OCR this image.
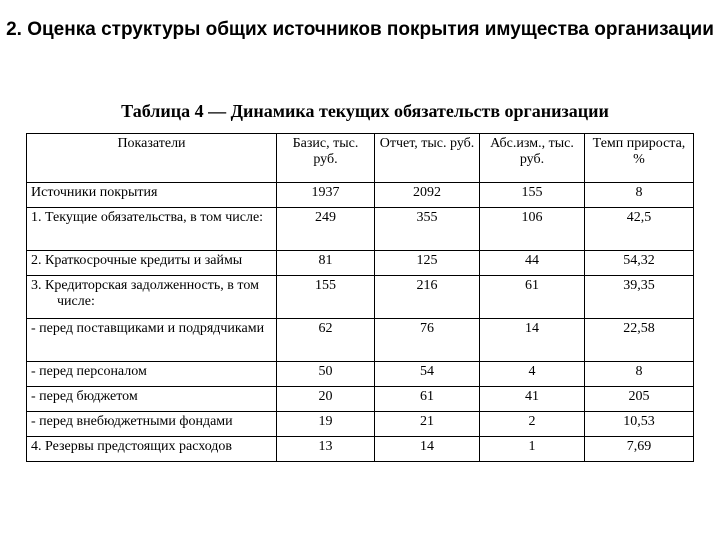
2. Оценка структуры общих источников покрытия имущества организации
Таблица 4 — Динамика текущих обязательств организации
Показатели	Базис, тыс. руб.	Отчет, тыс. руб.	Абс.изм., тыс. руб.	Темп прироста, %
Источники покрытия	1937	2092	155	8
1. Текущие обязательства, в том числе:	249	355	106	42,5
2. Краткосрочные кредиты и займы	81	125	44	54,32
3. Кредиторская задолженность, в том числе:	155	216	61	39,35
- перед поставщиками и подрядчиками	62	76	14	22,58
- перед персоналом	50	54	4	8
- перед бюджетом	20	61	41	205
- перед внебюджетными фондами	19	21	2	10,53
4. Резервы предстоящих расходов	13	14	1	7,69
